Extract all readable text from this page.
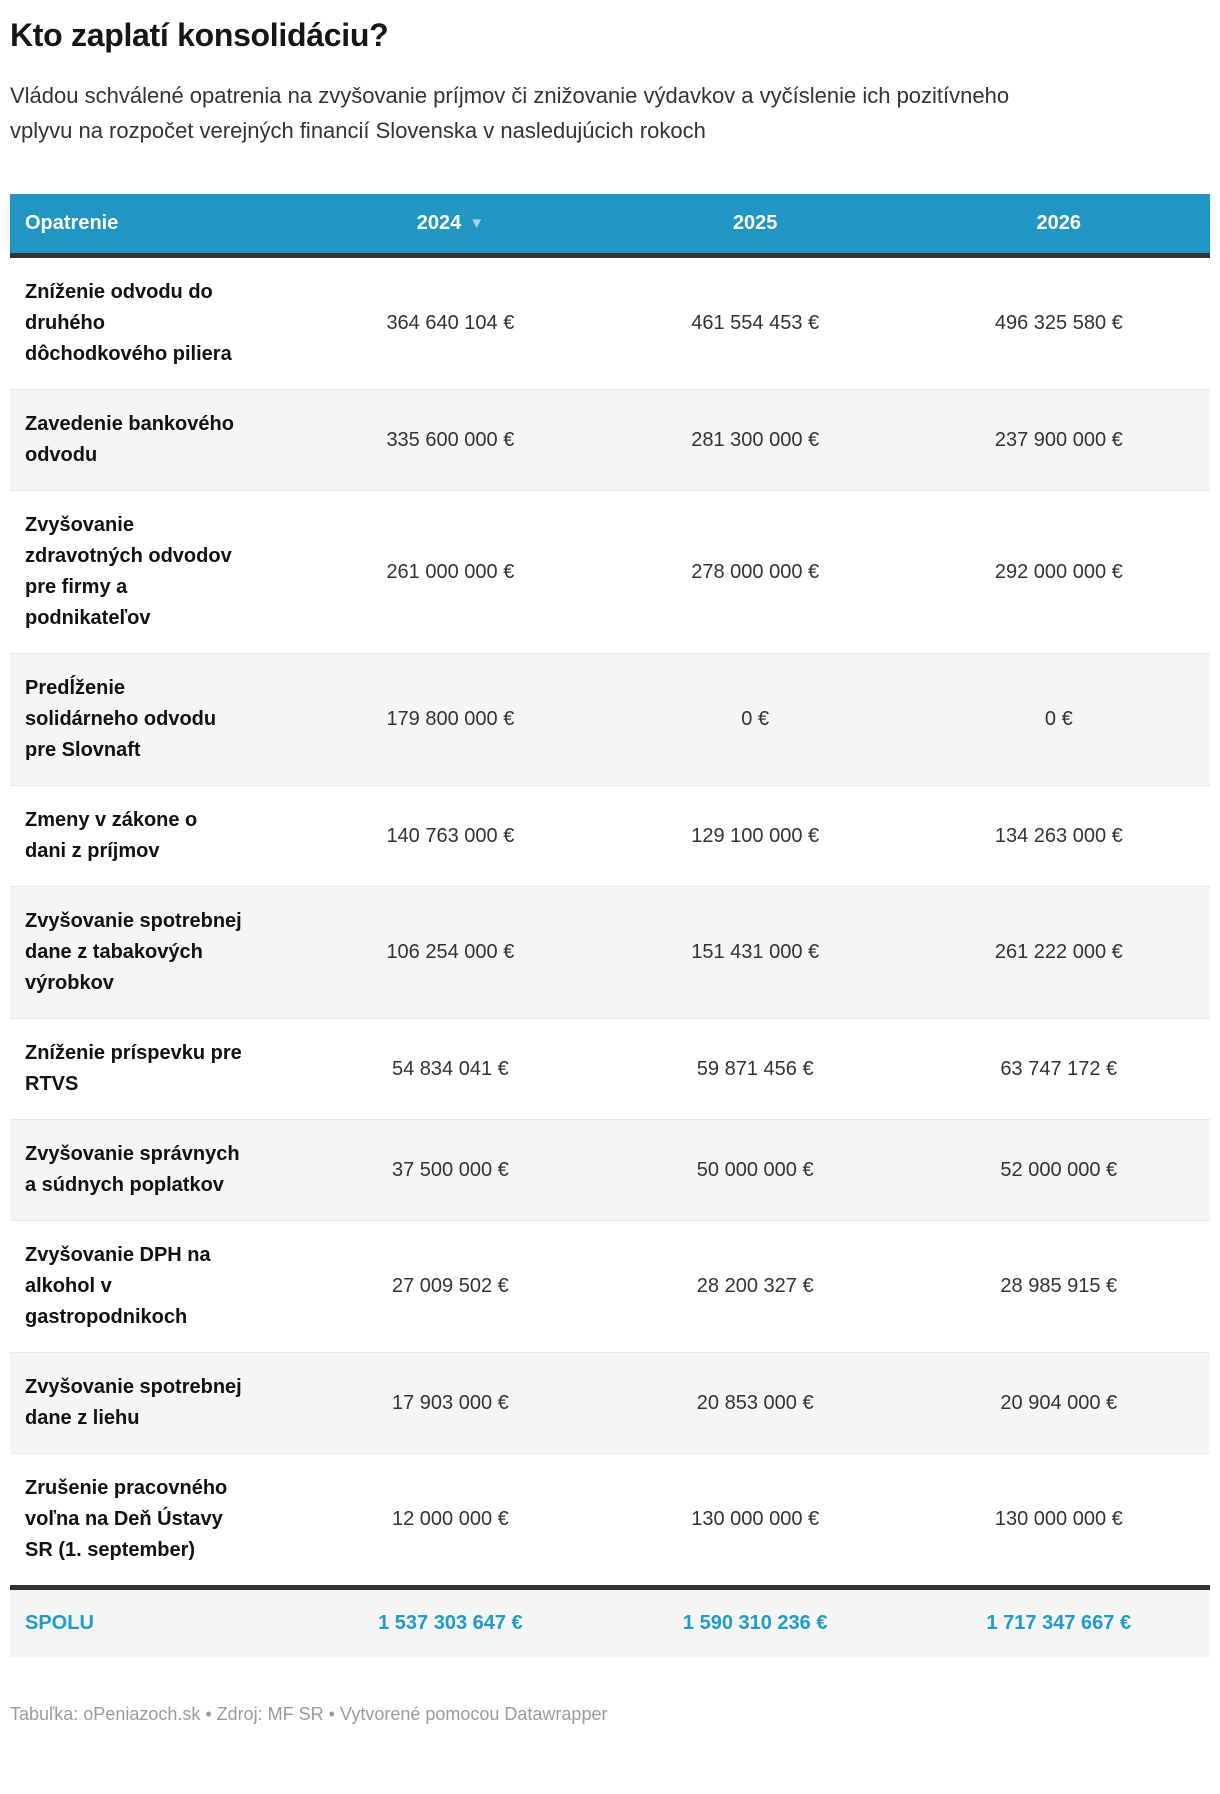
Kto zaplatí konsolidáciu?

Vládou schválené opatrenia na zvyšovanie príjmov či znižovanie výdavkov a vyčíslenie ich pozitívneho vplyvu na rozpočet verejných financií Slovenska v nasledujúcich rokoch

Opatrenie	2024 ▼	2025	2026
Zníženie odvodu do druhého dôchodkového piliera	364 640 104 €	461 554 453 €	496 325 580 €
Zavedenie bankového odvodu	335 600 000 €	281 300 000 €	237 900 000 €
Zvyšovanie zdravotných odvodov pre firmy a podnikateľov	261 000 000 €	278 000 000 €	292 000 000 €
Predĺženie solidárneho odvodu pre Slovnaft	179 800 000 €	0 €	0 €
Zmeny v zákone o dani z príjmov	140 763 000 €	129 100 000 €	134 263 000 €
Zvyšovanie spotrebnej dane z tabakových výrobkov	106 254 000 €	151 431 000 €	261 222 000 €
Zníženie príspevku pre RTVS	54 834 041 €	59 871 456 €	63 747 172 €
Zvyšovanie správnych a súdnych poplatkov	37 500 000 €	50 000 000 €	52 000 000 €
Zvyšovanie DPH na alkohol v gastropodnikoch	27 009 502 €	28 200 327 €	28 985 915 €
Zvyšovanie spotrebnej dane z liehu	17 903 000 €	20 853 000 €	20 904 000 €
Zrušenie pracovného voľna na Deň Ústavy SR (1. september)	12 000 000 €	130 000 000 €	130 000 000 €
SPOLU	1 537 303 647 €	1 590 310 236 €	1 717 347 667 €

Tabuľka: oPeniazoch.sk • Zdroj: MF SR • Vytvorené pomocou Datawrapper
